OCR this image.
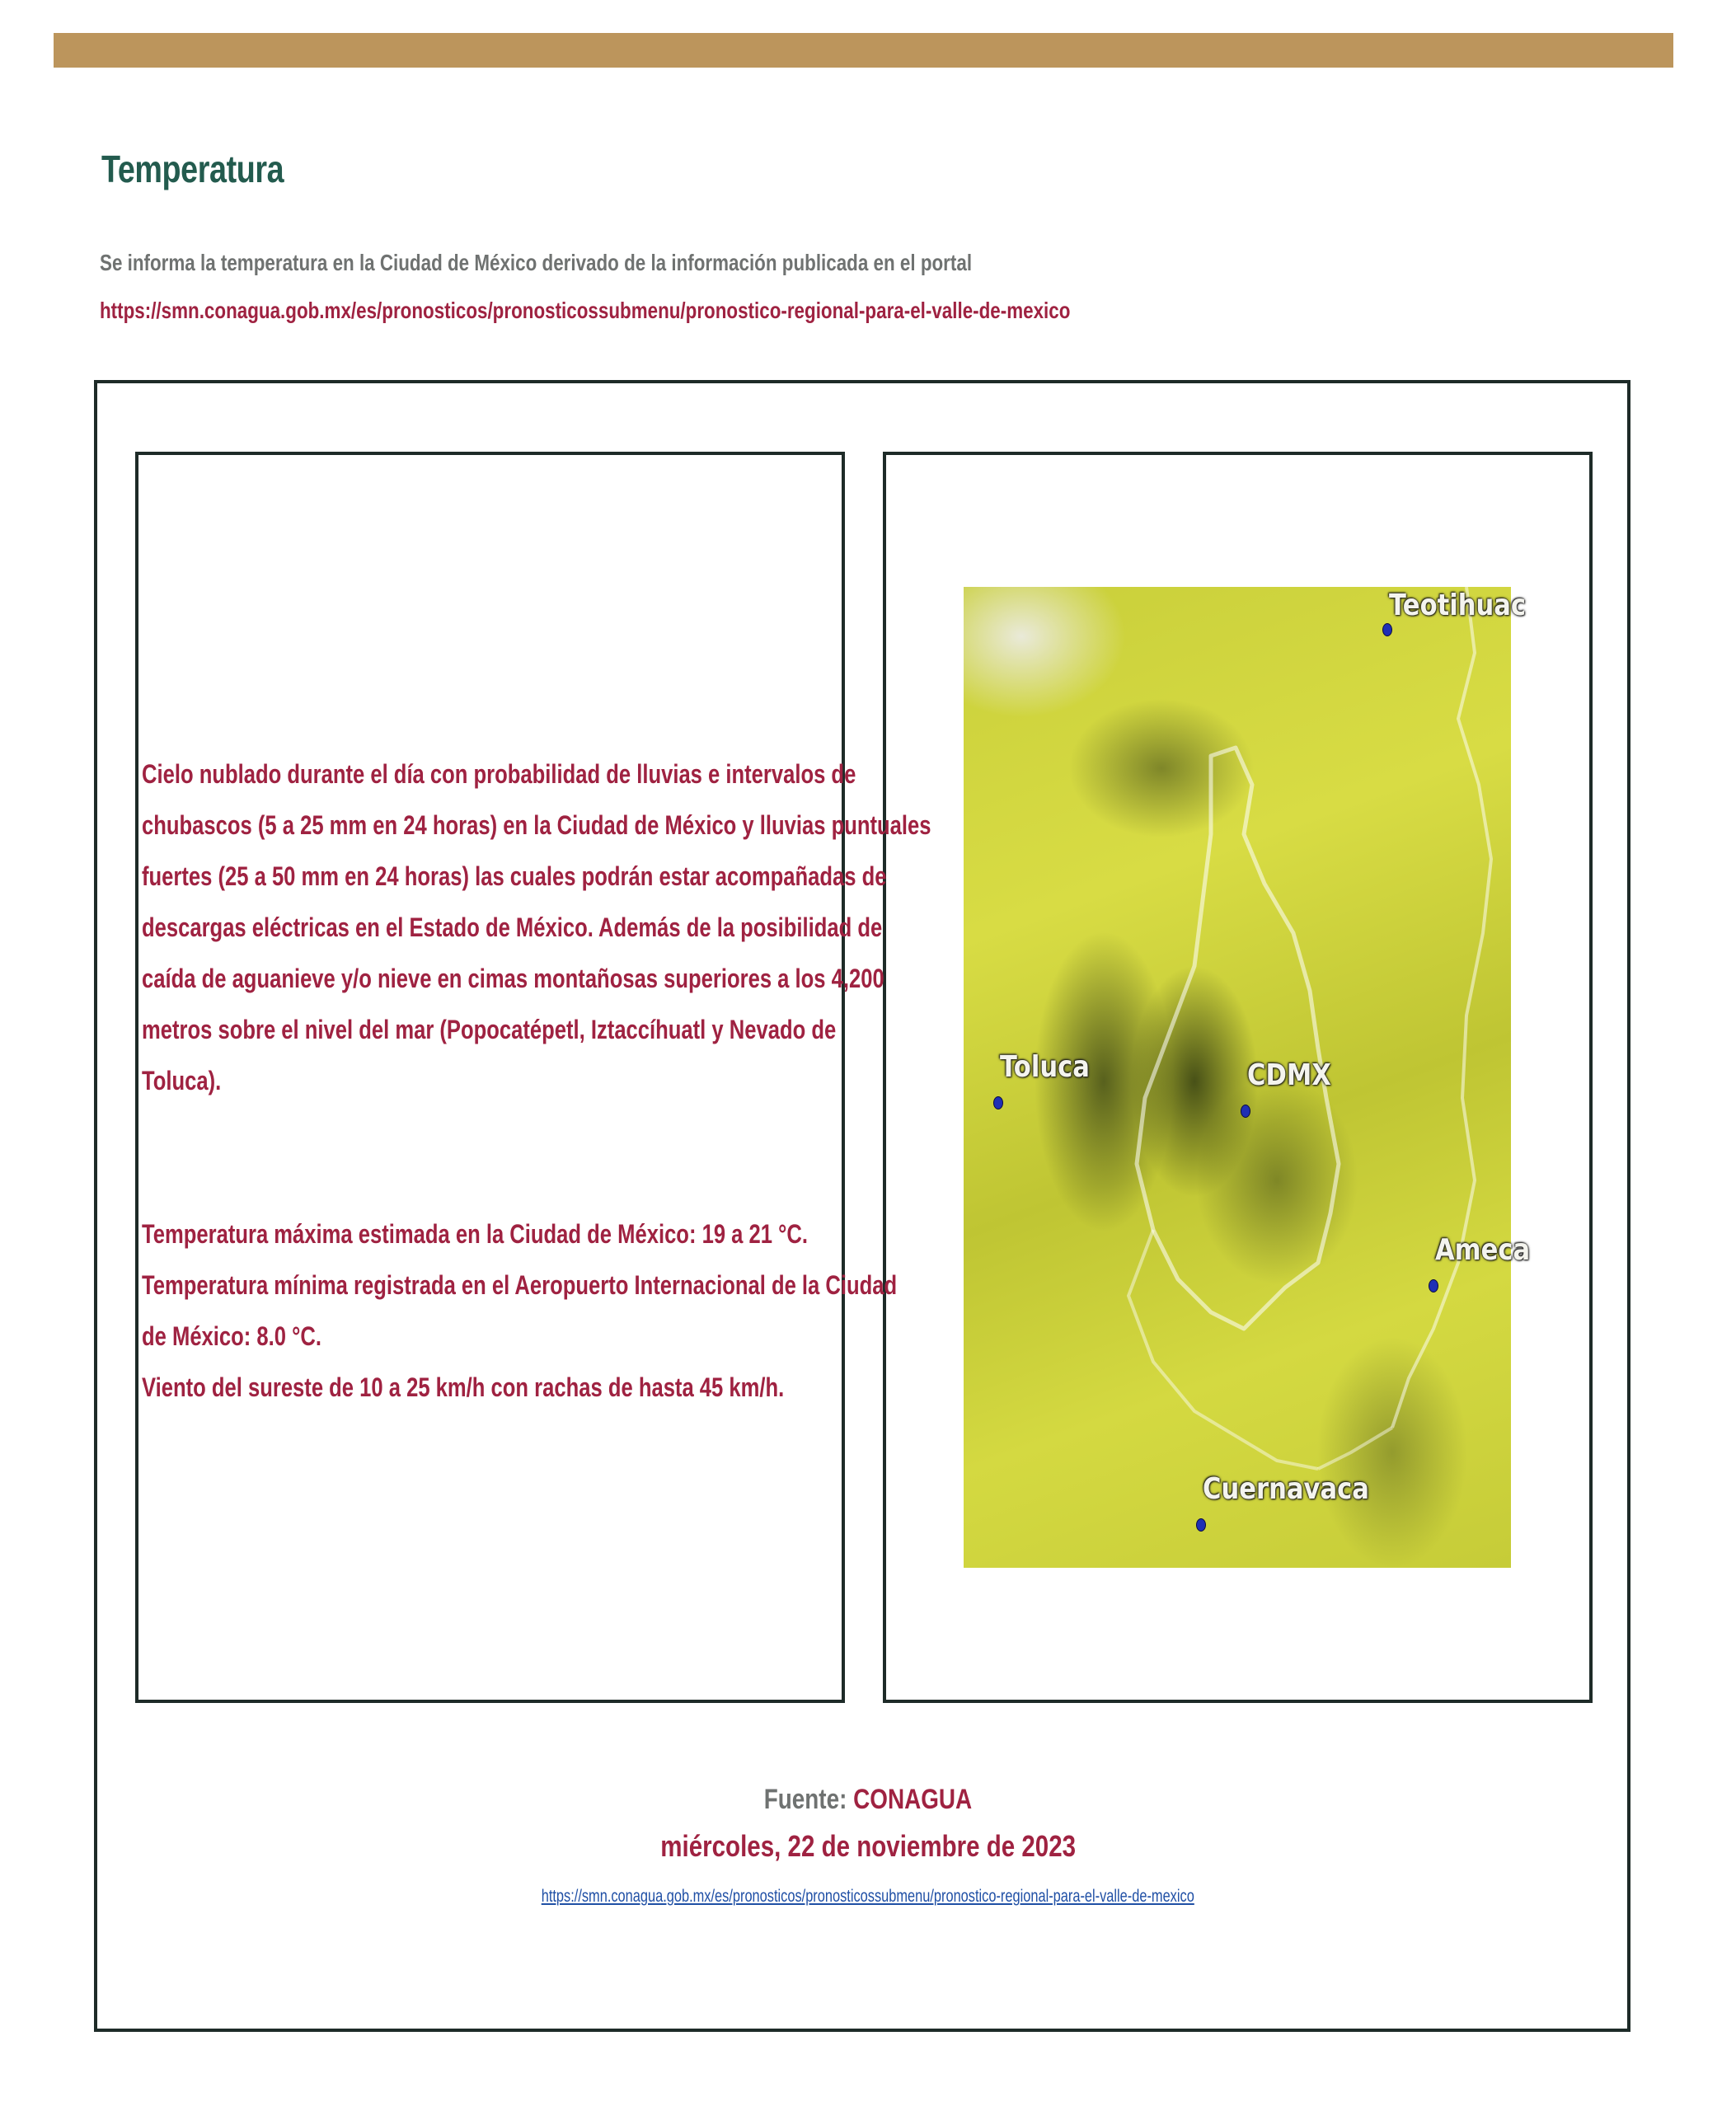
Temperatura
Se informa la temperatura en la Ciudad de México derivado de la información publicada en el portal
https://smn.conagua.gob.mx/es/pronosticos/pronosticossubmenu/pronostico-regional-para-el-valle-de-mexico
Cielo nublado durante el día con probabilidad de lluvias e intervalos de
chubascos (5 a 25 mm en 24 horas) en la Ciudad de México y lluvias puntuales
fuertes (25 a 50 mm en 24 horas) las cuales podrán estar acompañadas de
descargas eléctricas en el Estado de México. Además de la posibilidad de
caída de aguanieve y/o nieve en cimas montañosas superiores a los 4,200
metros sobre el nivel del mar (Popocatépetl, Iztaccíhuatl y Nevado de
Toluca).
Temperatura máxima estimada en la Ciudad de México: 19 a 21 °C.
Temperatura mínima registrada en el Aeropuerto Internacional de la Ciudad
de México: 8.0 °C.
Viento del sureste de 10 a 25 km/h con rachas de hasta 45 km/h.
Teotihuac
Toluca	CDMX
Ameca
Cuernavaca
Fuente: CONAGUA
miércoles, 22 de noviembre de 2023
https://smn.conagua.gob.mx/es/pronosticos/pronosticossubmenu/pronostico-regional-para-el-valle-de-mexico
